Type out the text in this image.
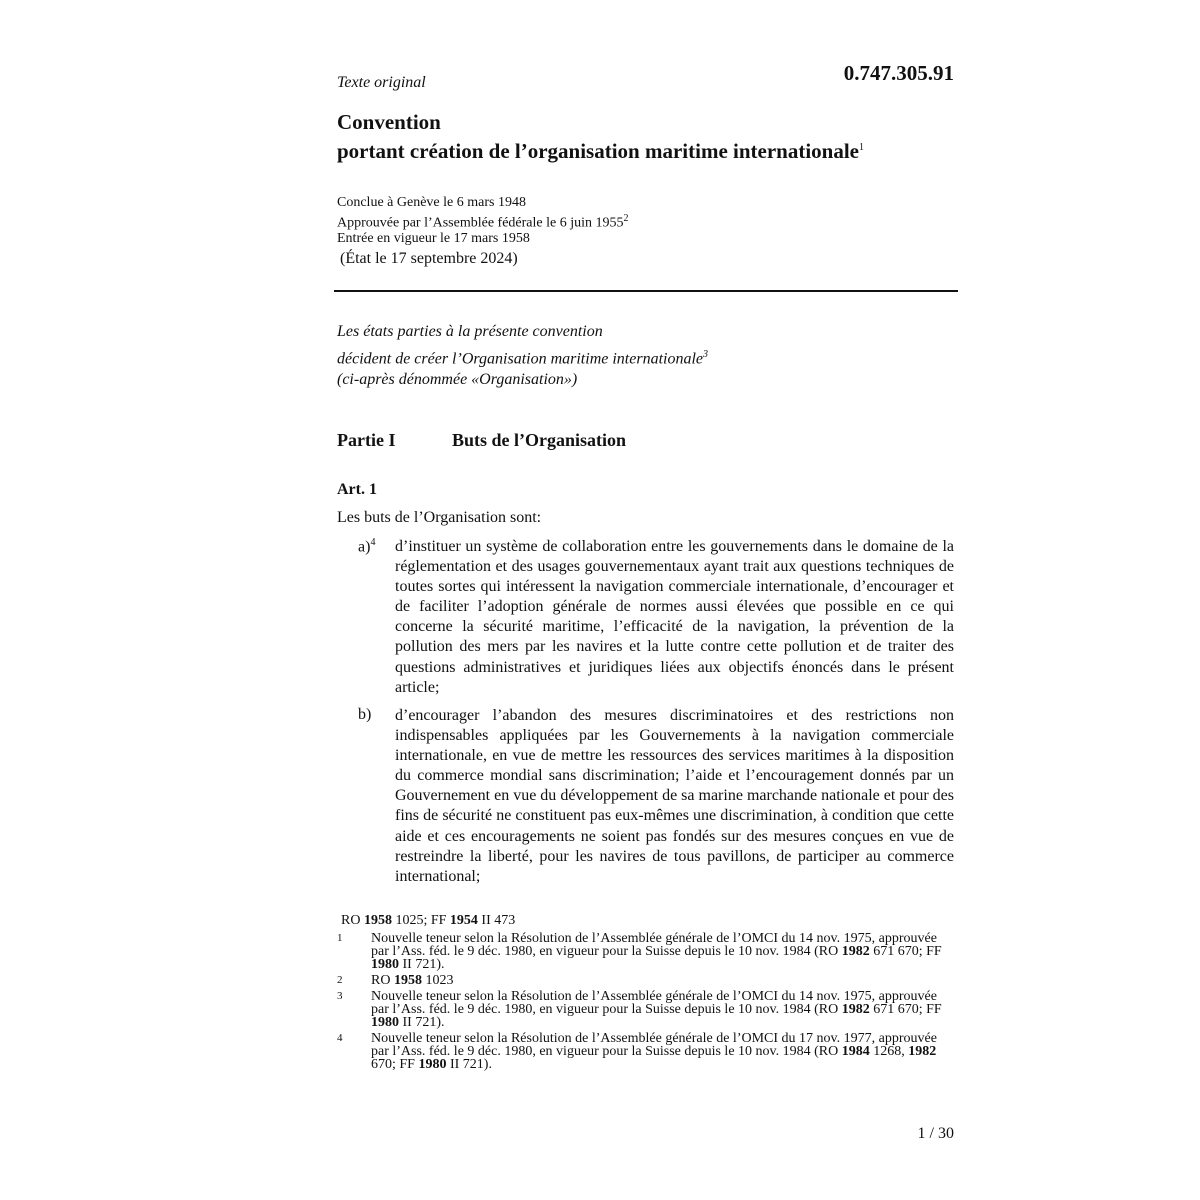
Texte original	0.747.305.91
Convention
portant création de l’organisation maritime internationale$^1$
Conclue à Genève le 6 mars 1948
Approuvée par l’Assemblée fédérale le 6 juin 1955$^2$
Entrée en vigueur le 17 mars 1958
(État le 17 septembre 2024)
Les états parties à la présente convention
décident de créer l’Organisation maritime internationale$^3$
(ci-après dénommée «Organisation»)
Partie I	Buts de l’Organisation
Art. 1
Les buts de l’Organisation sont:
a)$^4$ d’instituer un système de collaboration entre les gouvernements dans le domaine de la réglementation et des usages gouvernementaux ayant trait aux questions techniques de toutes sortes qui intéressent la navigation commerciale internationale, d’encourager et de faciliter l’adoption générale de normes aussi élevées que possible en ce qui concerne la sécurité maritime, l’efficacité de la navigation, la prévention de la pollution des mers par les navires et la lutte contre cette pollution et de traiter des questions administratives et juridiques liées aux objectifs énoncés dans le présent article;
b) d’encourager l’abandon des mesures discriminatoires et des restrictions non indispensables appliquées par les Gouvernements à la navigation commerciale internationale, en vue de mettre les ressources des services maritimes à la disposition du commerce mondial sans discrimination; l’aide et l’encouragement donnés par un Gouvernement en vue du développement de sa marine marchande nationale et pour des fins de sécurité ne constituent pas eux-mêmes une discrimination, à condition que cette aide et ces encouragements ne soient pas fondés sur des mesures conçues en vue de restreindre la liberté, pour les navires de tous pavillons, de participer au commerce international;
RO 1958 1025; FF 1954 II 473
1	Nouvelle teneur selon la Résolution de l’Assemblée générale de l’OMCI du 14 nov. 1975, approuvée par l’Ass. féd. le 9 déc. 1980, en vigueur pour la Suisse depuis le 10 nov. 1984 (RO 1982 671 670; FF 1980 II 721).
2	RO 1958 1023
3	Nouvelle teneur selon la Résolution de l’Assemblée générale de l’OMCI du 14 nov. 1975, approuvée par l’Ass. féd. le 9 déc. 1980, en vigueur pour la Suisse depuis le 10 nov. 1984 (RO 1982 671 670; FF 1980 II 721).
4	Nouvelle teneur selon la Résolution de l’Assemblée générale de l’OMCI du 17 nov. 1977, approuvée par l’Ass. féd. le 9 déc. 1980, en vigueur pour la Suisse depuis le 10 nov. 1984 (RO 1984 1268, 1982 670; FF 1980 II 721).
1 / 30
